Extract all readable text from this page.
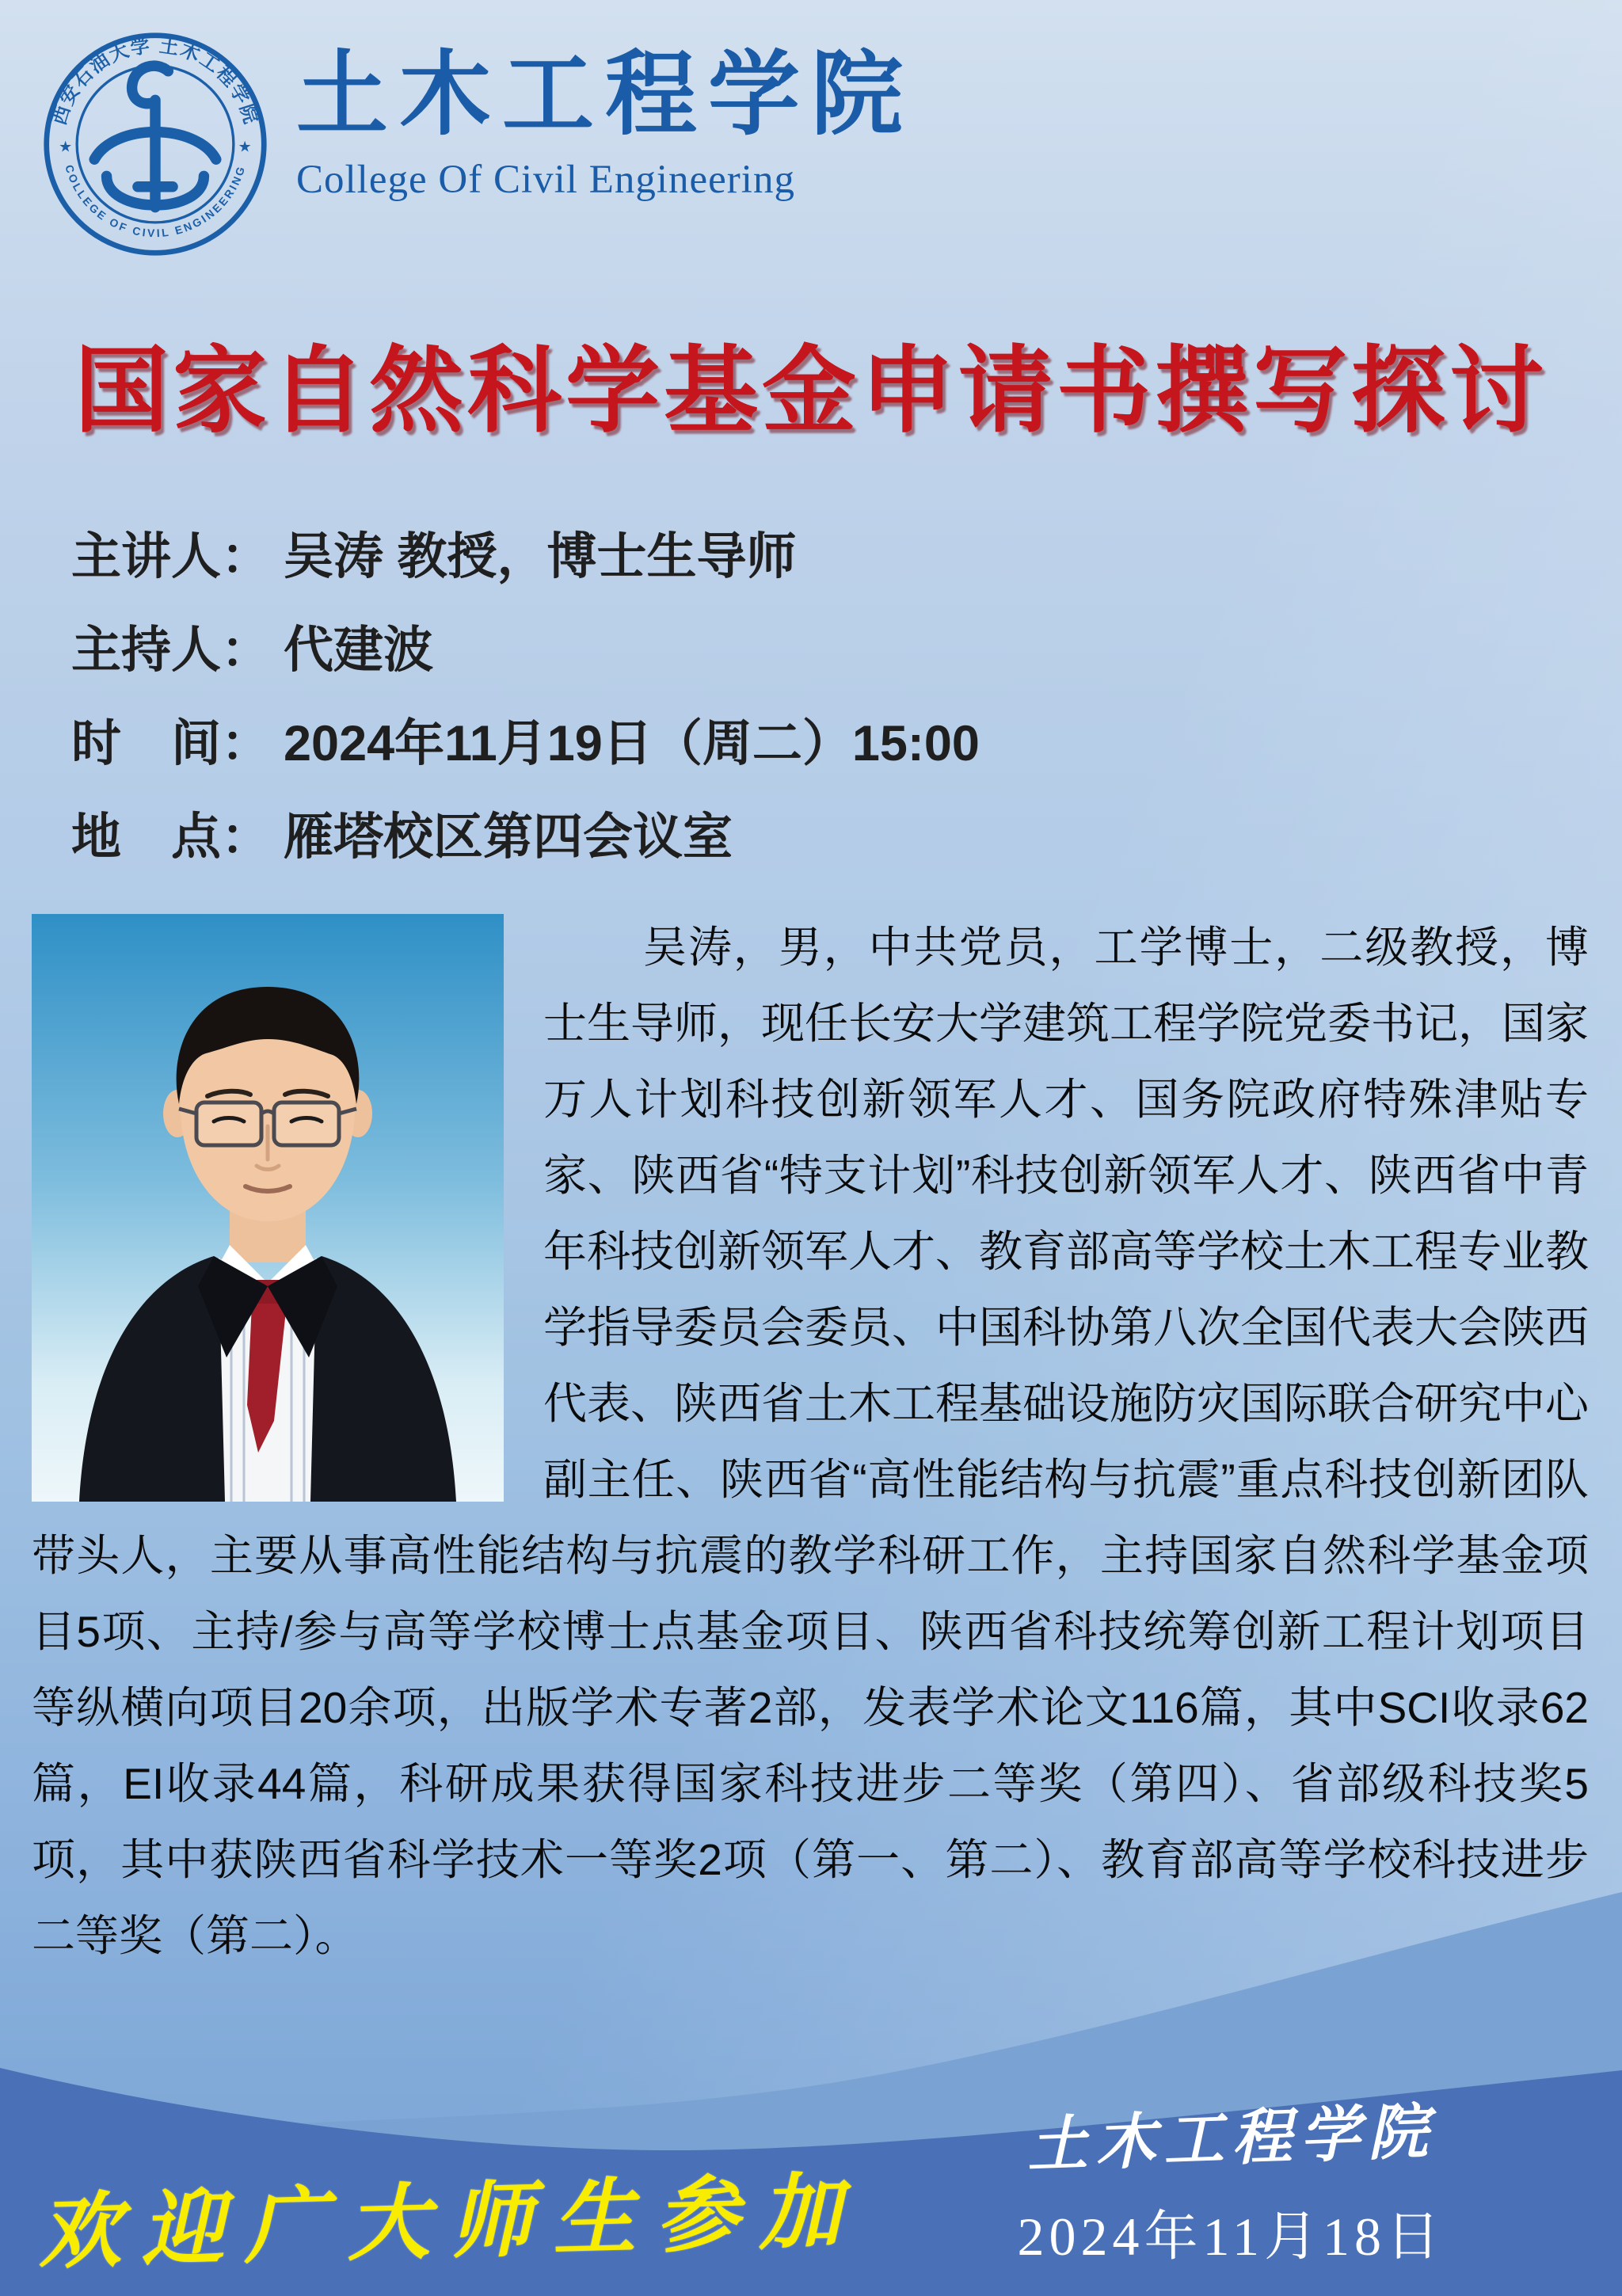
西安石油大学 土木工程学院
COLLEGE OF CIVIL ENGINEERING
★	★
土木工程学院
College Of Civil Engineering
国家自然科学基金申请书撰写探讨
主讲人： 吴涛 教授，博士生导师
主持人： 代建波
时　间： 2024年11月19日（周二）15:00
地　点： 雁塔校区第四会议室

吴涛，男，中共党员，工学博士，二级教授，博士生导师，现任长安大学建筑工程学院党委书记，国家万人计划科技创新领军人才、国务院政府特殊津贴专家、陕西省“特支计划”科技创新领军人才、陕西省中青年科技创新领军人才、教育部高等学校土木工程专业教学指导委员会委员、中国科协第八次全国代表大会陕西代表、陕西省土木工程基础设施防灾国际联合研究中心副主任、陕西省“高性能结构与抗震”重点科技创新团队带头人，主要从事高性能结构与抗震的教学科研工作，主持国家自然科学基金项目5项、主持/参与高等学校博士点基金项目、陕西省科技统筹创新工程计划项目等纵横向项目20余项，出版学术专著2部，发表学术论文116篇，其中SCI收录62篇，EI收录44篇，科研成果获得国家科技进步二等奖（第四）、省部级科技奖5项，其中获陕西省科学技术一等奖2项（第一、第二）、教育部高等学校科技进步二等奖（第二）。

欢迎广大师生参加
土木工程学院
2024年11月18日
